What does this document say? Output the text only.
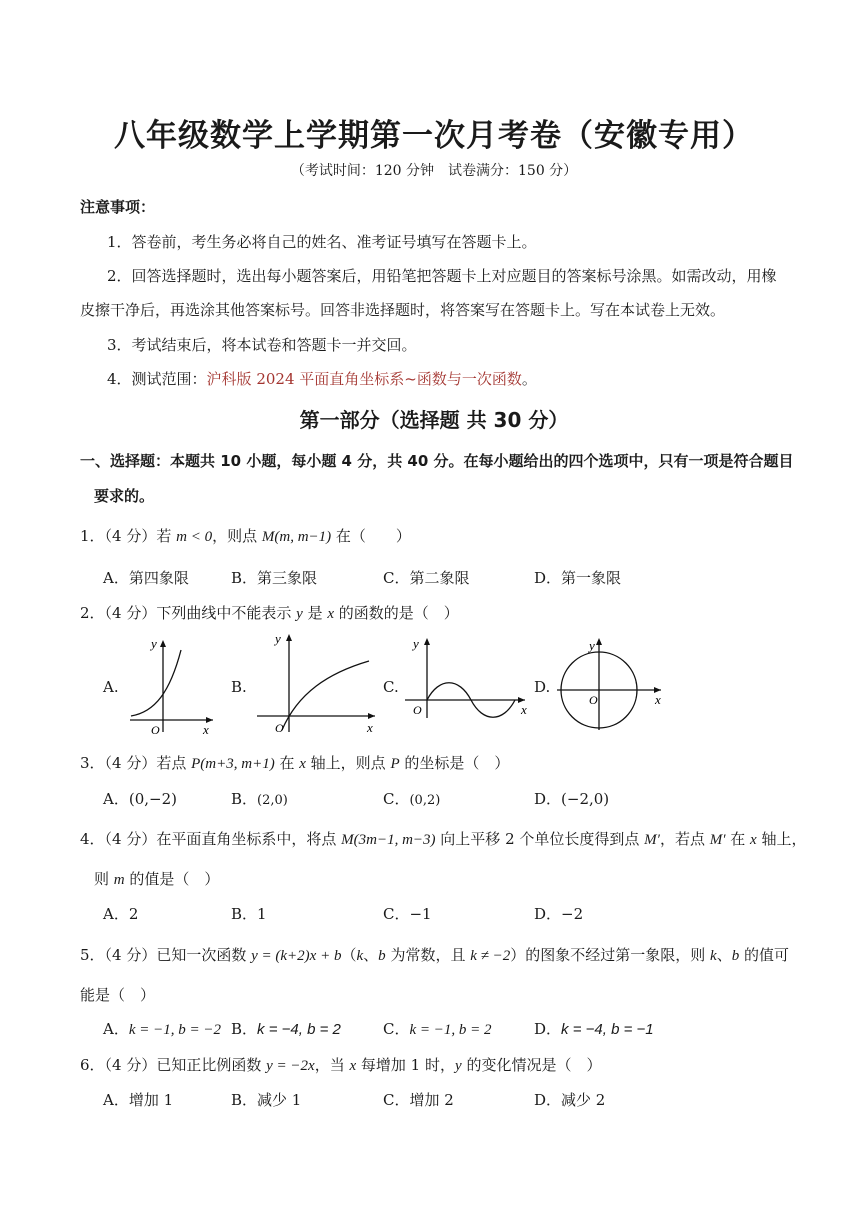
八年级数学上学期第一次月考卷（安徽专用）
（考试时间：120 分钟　试卷满分：150 分）
注意事项：
1．答卷前，考生务必将自己的姓名、准考证号填写在答题卡上。
2．回答选择题时，选出每小题答案后，用铅笔把答题卡上对应题目的答案标号涂黑。如需改动，用橡
皮擦干净后，再选涂其他答案标号。回答非选择题时，将答案写在答题卡上。写在本试卷上无效。
3．考试结束后，将本试卷和答题卡一并交回。
4．测试范围：沪科版 2024 平面直角坐标系~函数与一次函数。
第一部分（选择题 共 30 分）
一、选择题：本题共 10 小题，每小题 4 分，共 40 分。在每小题给出的四个选项中，只有一项是符合题目
要求的。
1．（4 分）若 m < 0，则点 M(m, m−1) 在（　　）
A．第四象限	B．第三象限	C．第二象限	D．第一象限
2．（4 分）下列曲线中不能表示 y 是 x 的函数的是（　）
A.
O	x
y
B.
O	x
y
C.
O	x
y
D.
O	x
y
3．（4 分）若点 P(m+3, m+1) 在 x 轴上，则点 P 的坐标是（　）
A．(0,−2)	B．(2,0)	C．(0,2)	D．(−2,0)
4．（4 分）在平面直角坐标系中，将点 M(3m−1, m−3) 向上平移 2 个单位长度得到点 M′，若点 M′ 在 x 轴上，
则 m 的值是（　）
A．2	B．1	C．−1	D．−2
5．（4 分）已知一次函数 y = (k+2)x + b（k、b 为常数，且 k ≠ −2）的图象不经过第一象限，则 k、b 的值可
能是（　）
A．k = −1, b = −2 B．k = −4, b = 2	C．k = −1, b = 2	D．k = −4, b = −1
6．（4 分）已知正比例函数 y = −2x，当 x 每增加 1 时，y 的变化情况是（　）
A．增加 1	B．减少 1	C．增加 2	D．减少 2
